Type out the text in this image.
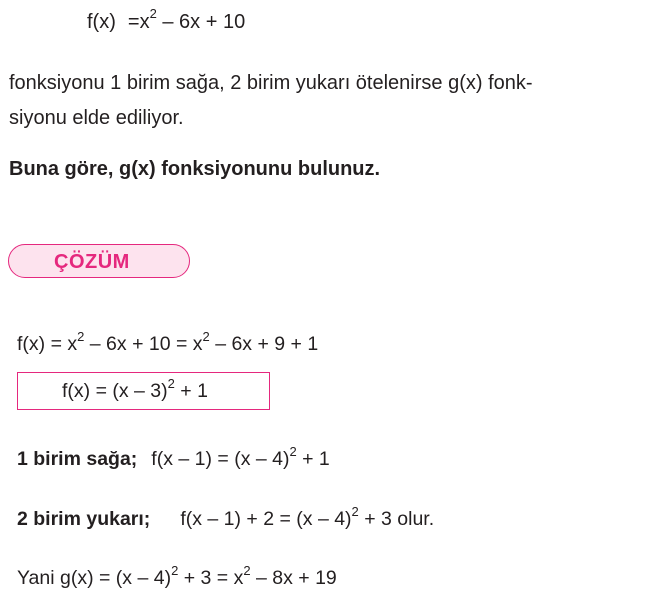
$f(x) =x^2 - 6x + 10$
fonksiyonu 1 birim sağa, 2 birim yukarı ötelenirse g(x) fonk-
siyonu elde ediliyor.
Buna göre, g(x) fonksiyonunu bulunuz.
ÇÖZÜM
$f(x) = x^2 - 6x + 10 = x^2 - 6x + 9 + 1$
f(x) = (x – 3)$^2$ + 1
1 birim sağa; f(x – 1) = (x – 4)$^2$ + 1
2 birim yukarı; f(x – 1) + 2 = (x – 4)$^2$ + 3 olur.
Yani $g(x) = (x - 4)^2 + 3 = x^2 - 8x + 19$
